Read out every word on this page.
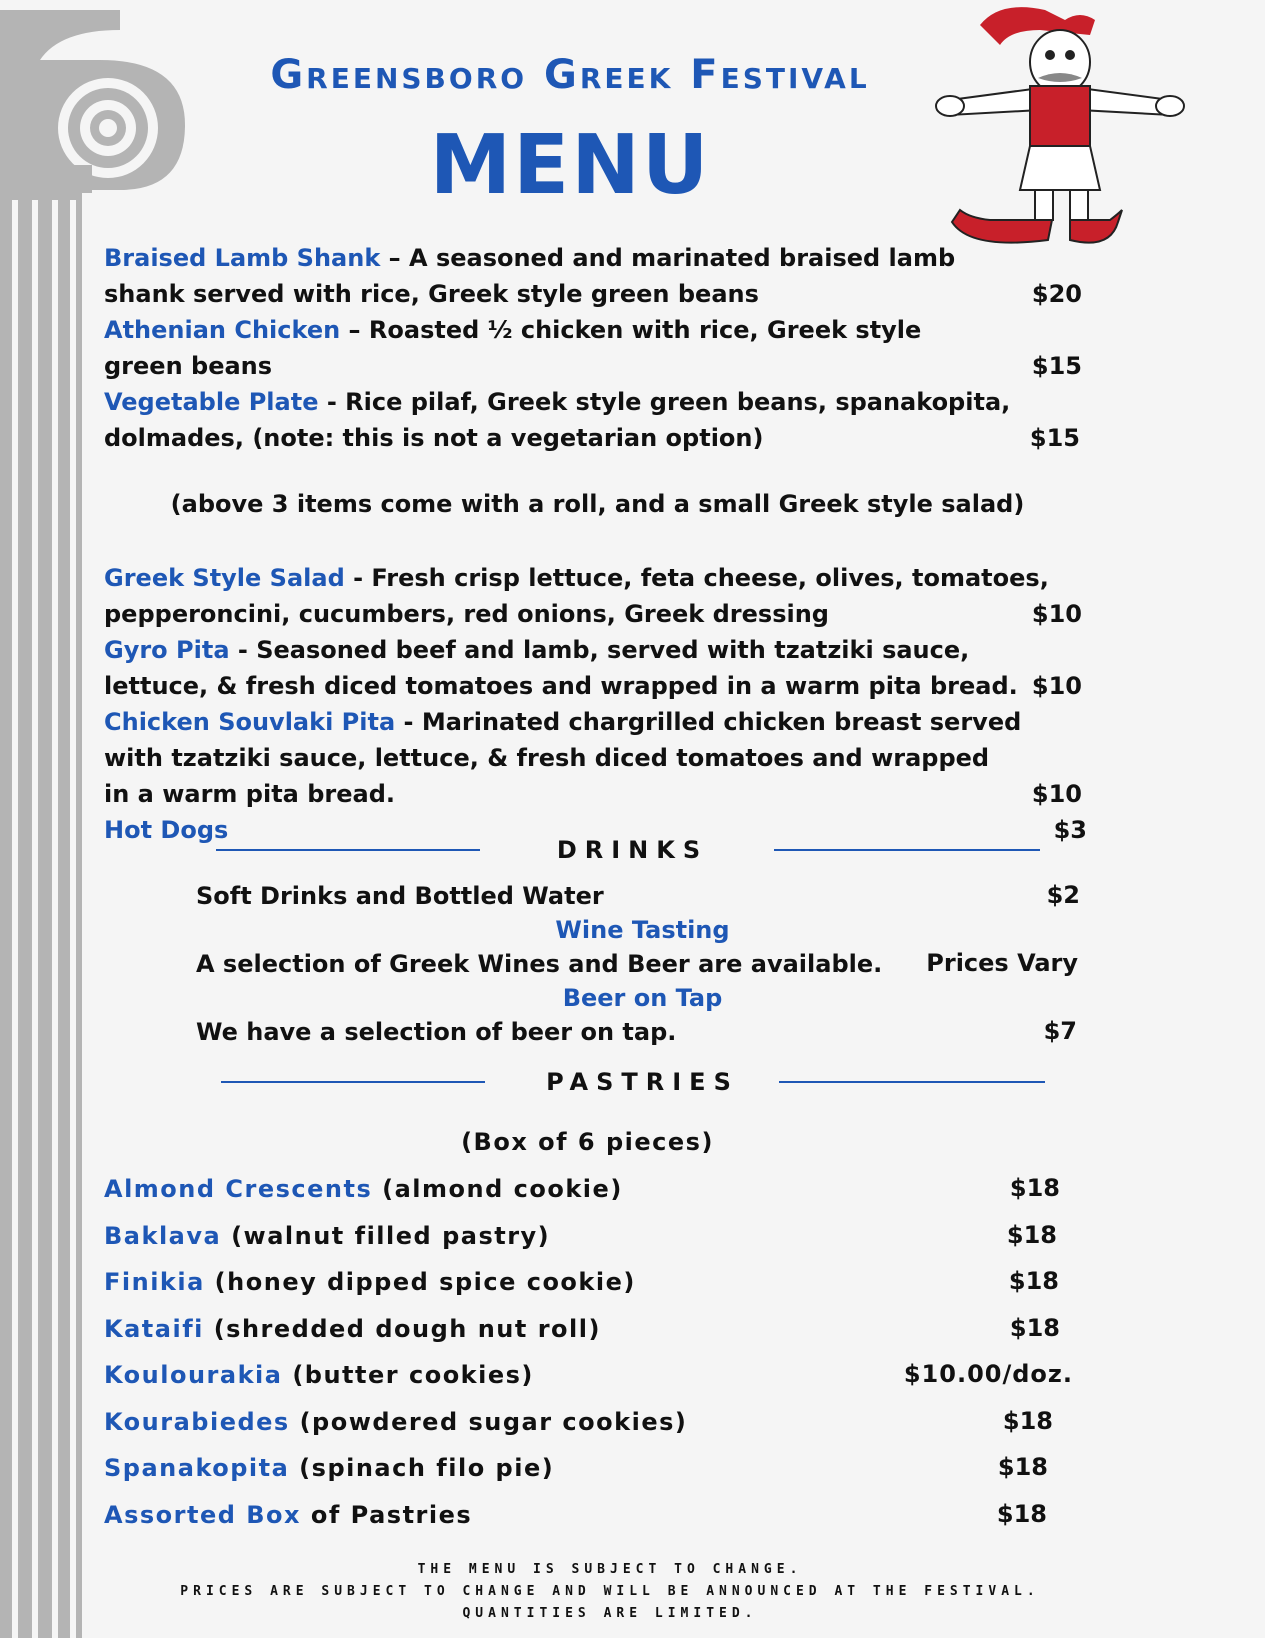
Greensboro Greek Festival
MENU
Braised Lamb Shank – A seasoned and marinated braised lamb
shank served with rice, Greek style green beans	$20
Athenian Chicken – Roasted ½ chicken with rice, Greek style
green beans	$15
Vegetable Plate - Rice pilaf, Greek style green beans, spanakopita,
dolmades, (note: this is not a vegetarian option)	$15
(above 3 items come with a roll, and a small Greek style salad)
Greek Style Salad - Fresh crisp lettuce, feta cheese, olives, tomatoes,
pepperoncini, cucumbers, red onions, Greek dressing	$10
Gyro Pita - Seasoned beef and lamb, served with tzatziki sauce,
lettuce, & fresh diced tomatoes and wrapped in a warm pita bread. $10
Chicken Souvlaki Pita - Marinated chargrilled chicken breast served
with tzatziki sauce, lettuce, & fresh diced tomatoes and wrapped
in a warm pita bread.	$10
Hot Dogs	$3
DRINKS
Soft Drinks and Bottled Water	$2
Wine Tasting
A selection of Greek Wines and Beer are available. Prices Vary
Beer on Tap
We have a selection of beer on tap.	$7
PASTRIES
(Box of 6 pieces)
Almond Crescents (almond cookie)	$18
Baklava (walnut filled pastry)	$18
Finikia (honey dipped spice cookie)	$18
Kataifi (shredded dough nut roll)	$18
Koulourakia (butter cookies)	$10.00/doz.
Kourabiedes (powdered sugar cookies)	$18
Spanakopita (spinach filo pie)	$18
Assorted Box of Pastries	$18
THE MENU IS SUBJECT TO CHANGE.
PRICES ARE SUBJECT TO CHANGE AND WILL BE ANNOUNCED AT THE FESTIVAL.
QUANTITIES ARE LIMITED.
